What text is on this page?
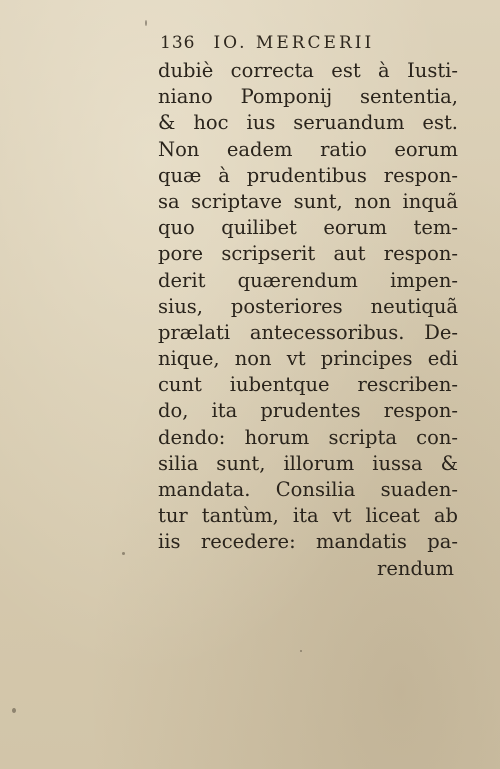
136 IO. MERCERII
dubiè correcta est à Iusti-
niano Pomponij sententia,
& hoc ius seruandum est.
Non eadem ratio eorum
quæ à prudentibus respon-
sa scriptave sunt, non inquã
quo quilibet eorum tem-
pore scripserit aut respon-
derit quærendum impen-
sius, posteriores neutiquã
prælati antecessoribus. De-
nique, non vt principes edi
cunt iubentque rescriben-
do, ita prudentes respon-
dendo: horum scripta con-
silia sunt, illorum iussa &
mandata. Consilia suaden-
tur tantùm, ita vt liceat ab
iis recedere: mandatis pa-
rendum
